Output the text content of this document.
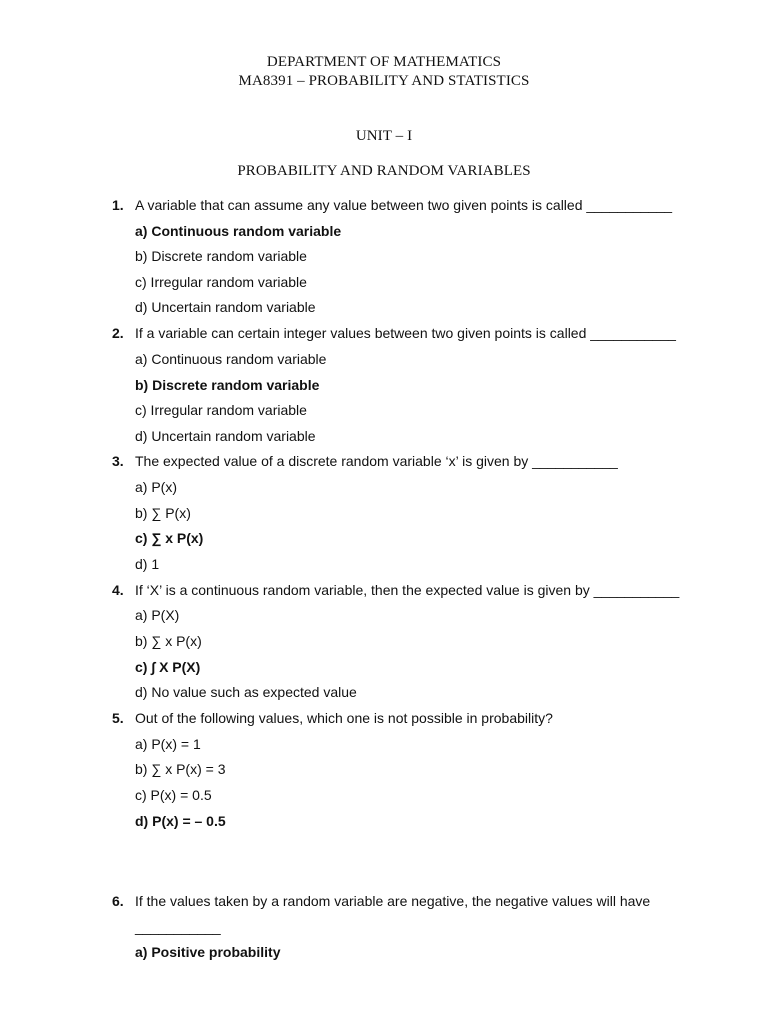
DEPARTMENT OF MATHEMATICS
MA8391 – PROBABILITY AND STATISTICS
UNIT – I
PROBABILITY AND RANDOM VARIABLES
1. A variable that can assume any value between two given points is called ___________
a) Continuous random variable
b) Discrete random variable
c) Irregular random variable
d) Uncertain random variable
2. If a variable can certain integer values between two given points is called ___________
a) Continuous random variable
b) Discrete random variable
c) Irregular random variable
d) Uncertain random variable
3. The expected value of a discrete random variable ‘x’ is given by ___________
a) P(x)
b) ∑ P(x)
c) ∑ x P(x)
d) 1
4. If ‘X’ is a continuous random variable, then the expected value is given by ___________
a) P(X)
b) ∑ x P(x)
c) ∫ X P(X)
d) No value such as expected value
5. Out of the following values, which one is not possible in probability?
a) P(x) = 1
b) ∑ x P(x) = 3
c) P(x) = 0.5
d) P(x) = – 0.5
6. If the values taken by a random variable are negative, the negative values will have
___________
a) Positive probability
